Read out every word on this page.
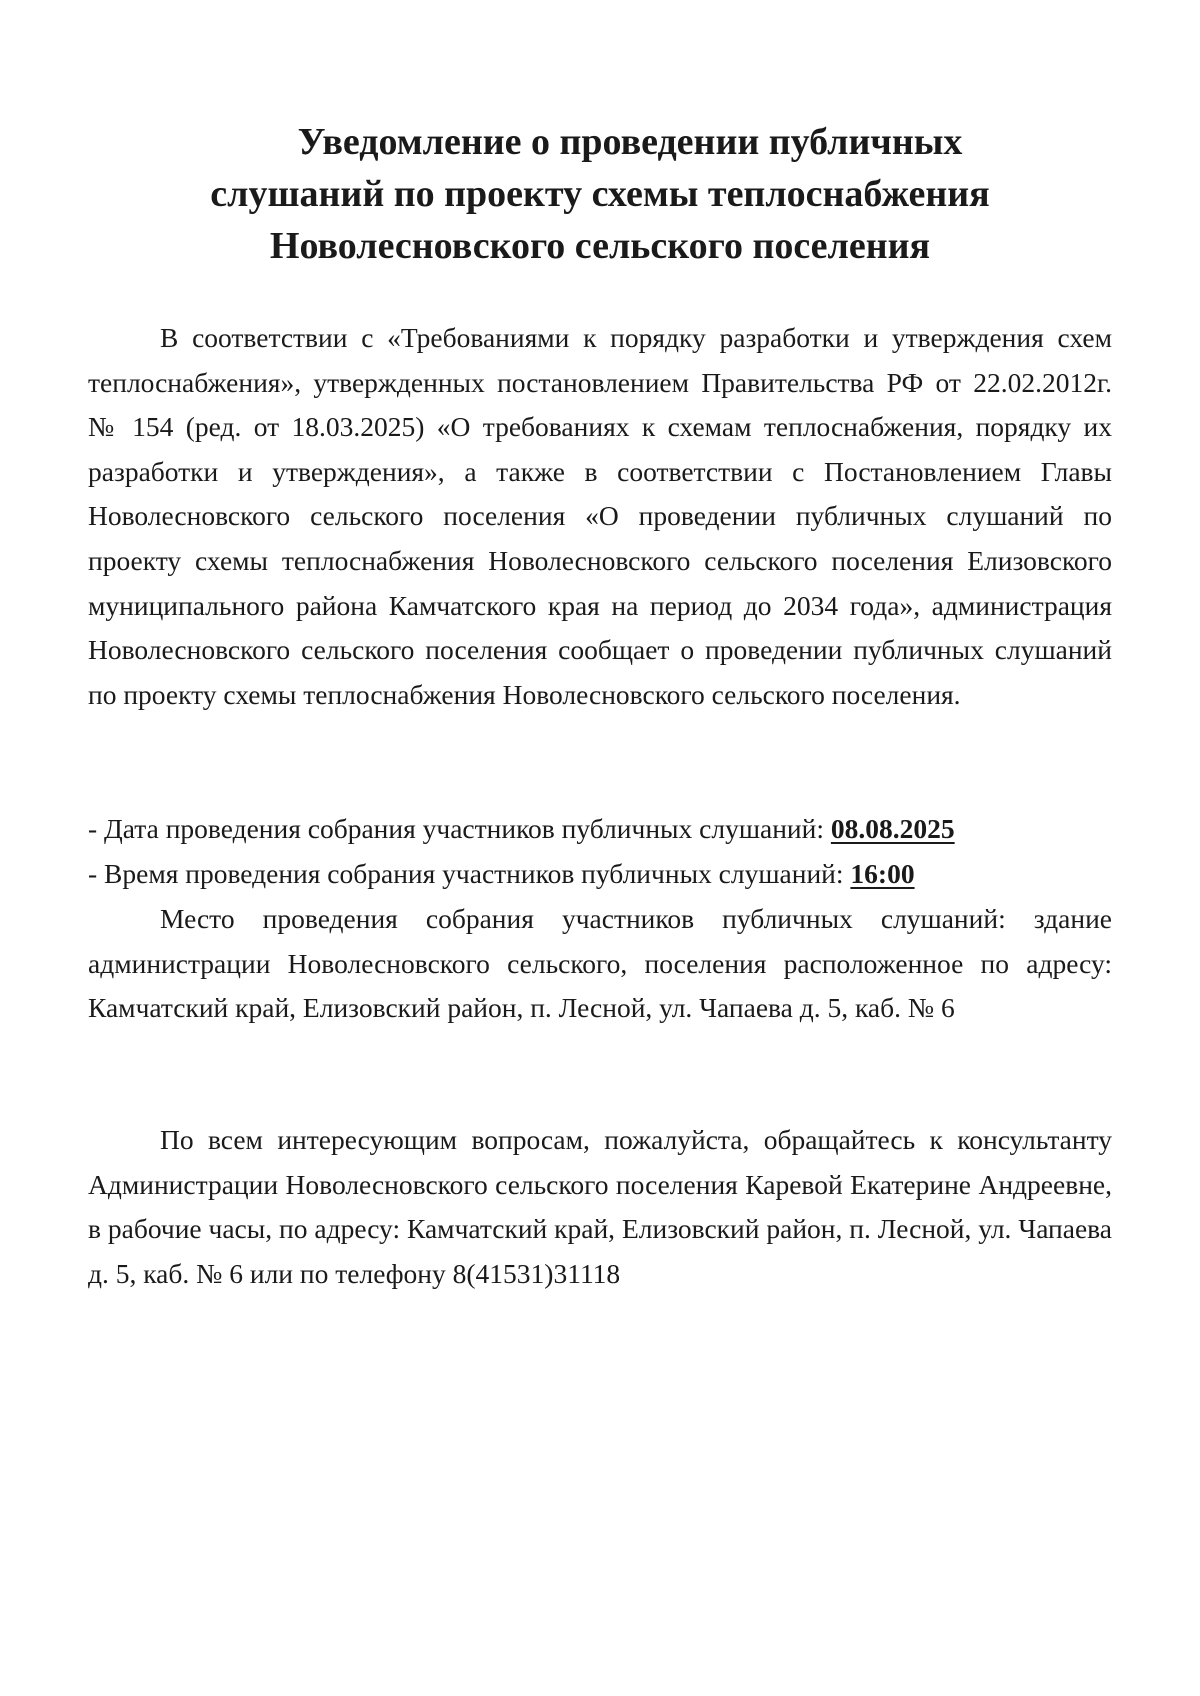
Уведомление о проведении публичных
слушаний по проекту схемы теплоснабжения
Новолесновского сельского поселения

В соответствии с «Требованиями к порядку разработки и утверждения схем теплоснабжения», утвержденных постановлением Правительства РФ от 22.02.2012г. № 154 (ред. от 18.03.2025) «О требованиях к схемам теплоснабжения, порядку их разработки и утверждения», а также в соответствии с Постановлением Главы Новолесновского сельского поселения «О проведении публичных слушаний по проекту схемы теплоснабжения Новолесновского сельского поселения Елизовского муниципального района Камчатского края на период до 2034 года», администрация Новолесновского сельского поселения сообщает о проведении публичных слушаний по проекту схемы теплоснабжения Новолесновского сельского поселения.

- Дата проведения собрания участников публичных слушаний: 08.08.2025

- Время проведения собрания участников публичных слушаний: 16:00

Место проведения собрания участников публичных слушаний: здание администрации Новолесновского сельского, поселения расположенное по адресу: Камчатский край, Елизовский район, п. Лесной, ул. Чапаева д. 5, каб. № 6

По всем интересующим вопросам, пожалуйста, обращайтесь к консультанту Администрации Новолесновского сельского поселения Каревой Екатерине Андреевне, в рабочие часы, по адресу: Камчатский край, Елизовский район, п. Лесной, ул. Чапаева д. 5, каб. № 6 или по телефону 8(41531)31118
